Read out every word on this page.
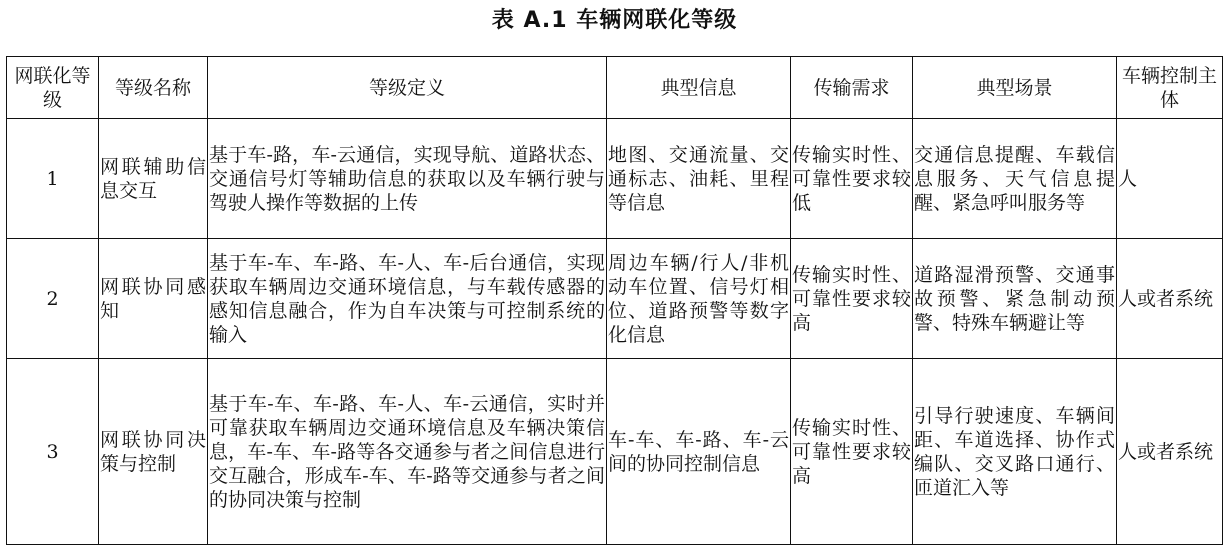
表 A.1 车辆网联化等级
网联化等级	等级名称	等级定义	典型信息	传输需求	典型场景	车辆控制主体
1	网联辅助信息交互	基于车-路，车-云通信，实现导航、道路状态、交通信号灯等辅助信息的获取以及车辆行驶与驾驶人操作等数据的上传	地图、交通流量、交通标志、油耗、里程等信息	传输实时性、可靠性要求较低	交通信息提醒、车载信息服务、天气信息提醒、紧急呼叫服务等	人
2	网联协同感知	基于车-车、车-路、车-人、车-后台通信，实现获取车辆周边交通环境信息，与车载传感器的感知信息融合，作为自车决策与可控制系统的输入	周边车辆/行人/非机动车位置、信号灯相位、道路预警等数字化信息	传输实时性、可靠性要求较高	道路湿滑预警、交通事故预警、紧急制动预警、特殊车辆避让等	人或者系统
3	网联协同决策与控制	基于车-车、车-路、车-人、车-云通信，实时并可靠获取车辆周边交通环境信息及车辆决策信息，车-车、车-路等各交通参与者之间信息进行交互融合，形成车-车、车-路等交通参与者之间的协同决策与控制	车-车、车-路、车-云间的协同控制信息	传输实时性、可靠性要求较高	引导行驶速度、车辆间距、车道选择、协作式编队、交叉路口通行、匝道汇入等	人或者系统
